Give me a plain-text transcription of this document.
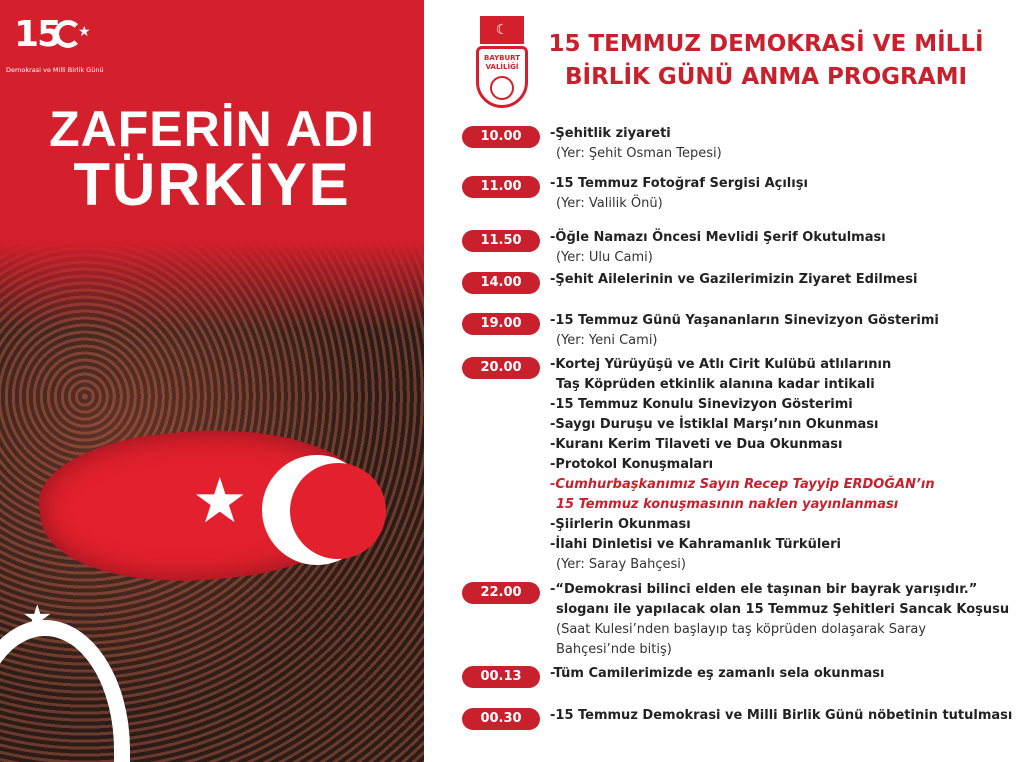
★
★
15 ★
Demokrasi ve Milli Birlik Günü
ZAFERİN ADI
TÜRKİYE
☾
BAYBURT
VALİLİĞİ
15 TEMMUZ DEMOKRASİ VE MİLLİ
BİRLİK GÜNÜ ANMA PROGRAMI
10.00	-Şehitlik ziyareti
(Yer: Şehit Osman Tepesi)
11.00	-15 Temmuz Fotoğraf Sergisi Açılışı
(Yer: Valilik Önü)
11.50	-Öğle Namazı Öncesi Mevlidi Şerif Okutulması
(Yer: Ulu Cami)
14.00	-Şehit Ailelerinin ve Gazilerimizin Ziyaret Edilmesi
19.00	-15 Temmuz Günü Yaşananların Sinevizyon Gösterimi
(Yer: Yeni Cami)
20.00	-Kortej Yürüyüşü ve Atlı Cirit Kulübü atlılarının
Taş Köprüden etkinlik alanına kadar intikali
-15 Temmuz Konulu Sinevizyon Gösterimi
-Saygı Duruşu ve İstiklal Marşı’nın Okunması
-Kuranı Kerim Tilaveti ve Dua Okunması
-Protokol Konuşmaları
-Cumhurbaşkanımız Sayın Recep Tayyip ERDOĞAN’ın
15 Temmuz konuşmasının naklen yayınlanması
-Şiirlerin Okunması
-İlahi Dinletisi ve Kahramanlık Türküleri
(Yer: Saray Bahçesi)
22.00	-“Demokrasi bilinci elden ele taşınan bir bayrak yarışıdır.”
sloganı ile yapılacak olan 15 Temmuz Şehitleri Sancak Koşusu
(Saat Kulesi’nden başlayıp taş köprüden dolaşarak Saray
Bahçesi’nde bitiş)
00.13	-Tüm Camilerimizde eş zamanlı sela okunması
00.30	-15 Temmuz Demokrasi ve Milli Birlik Günü nöbetinin tutulması
